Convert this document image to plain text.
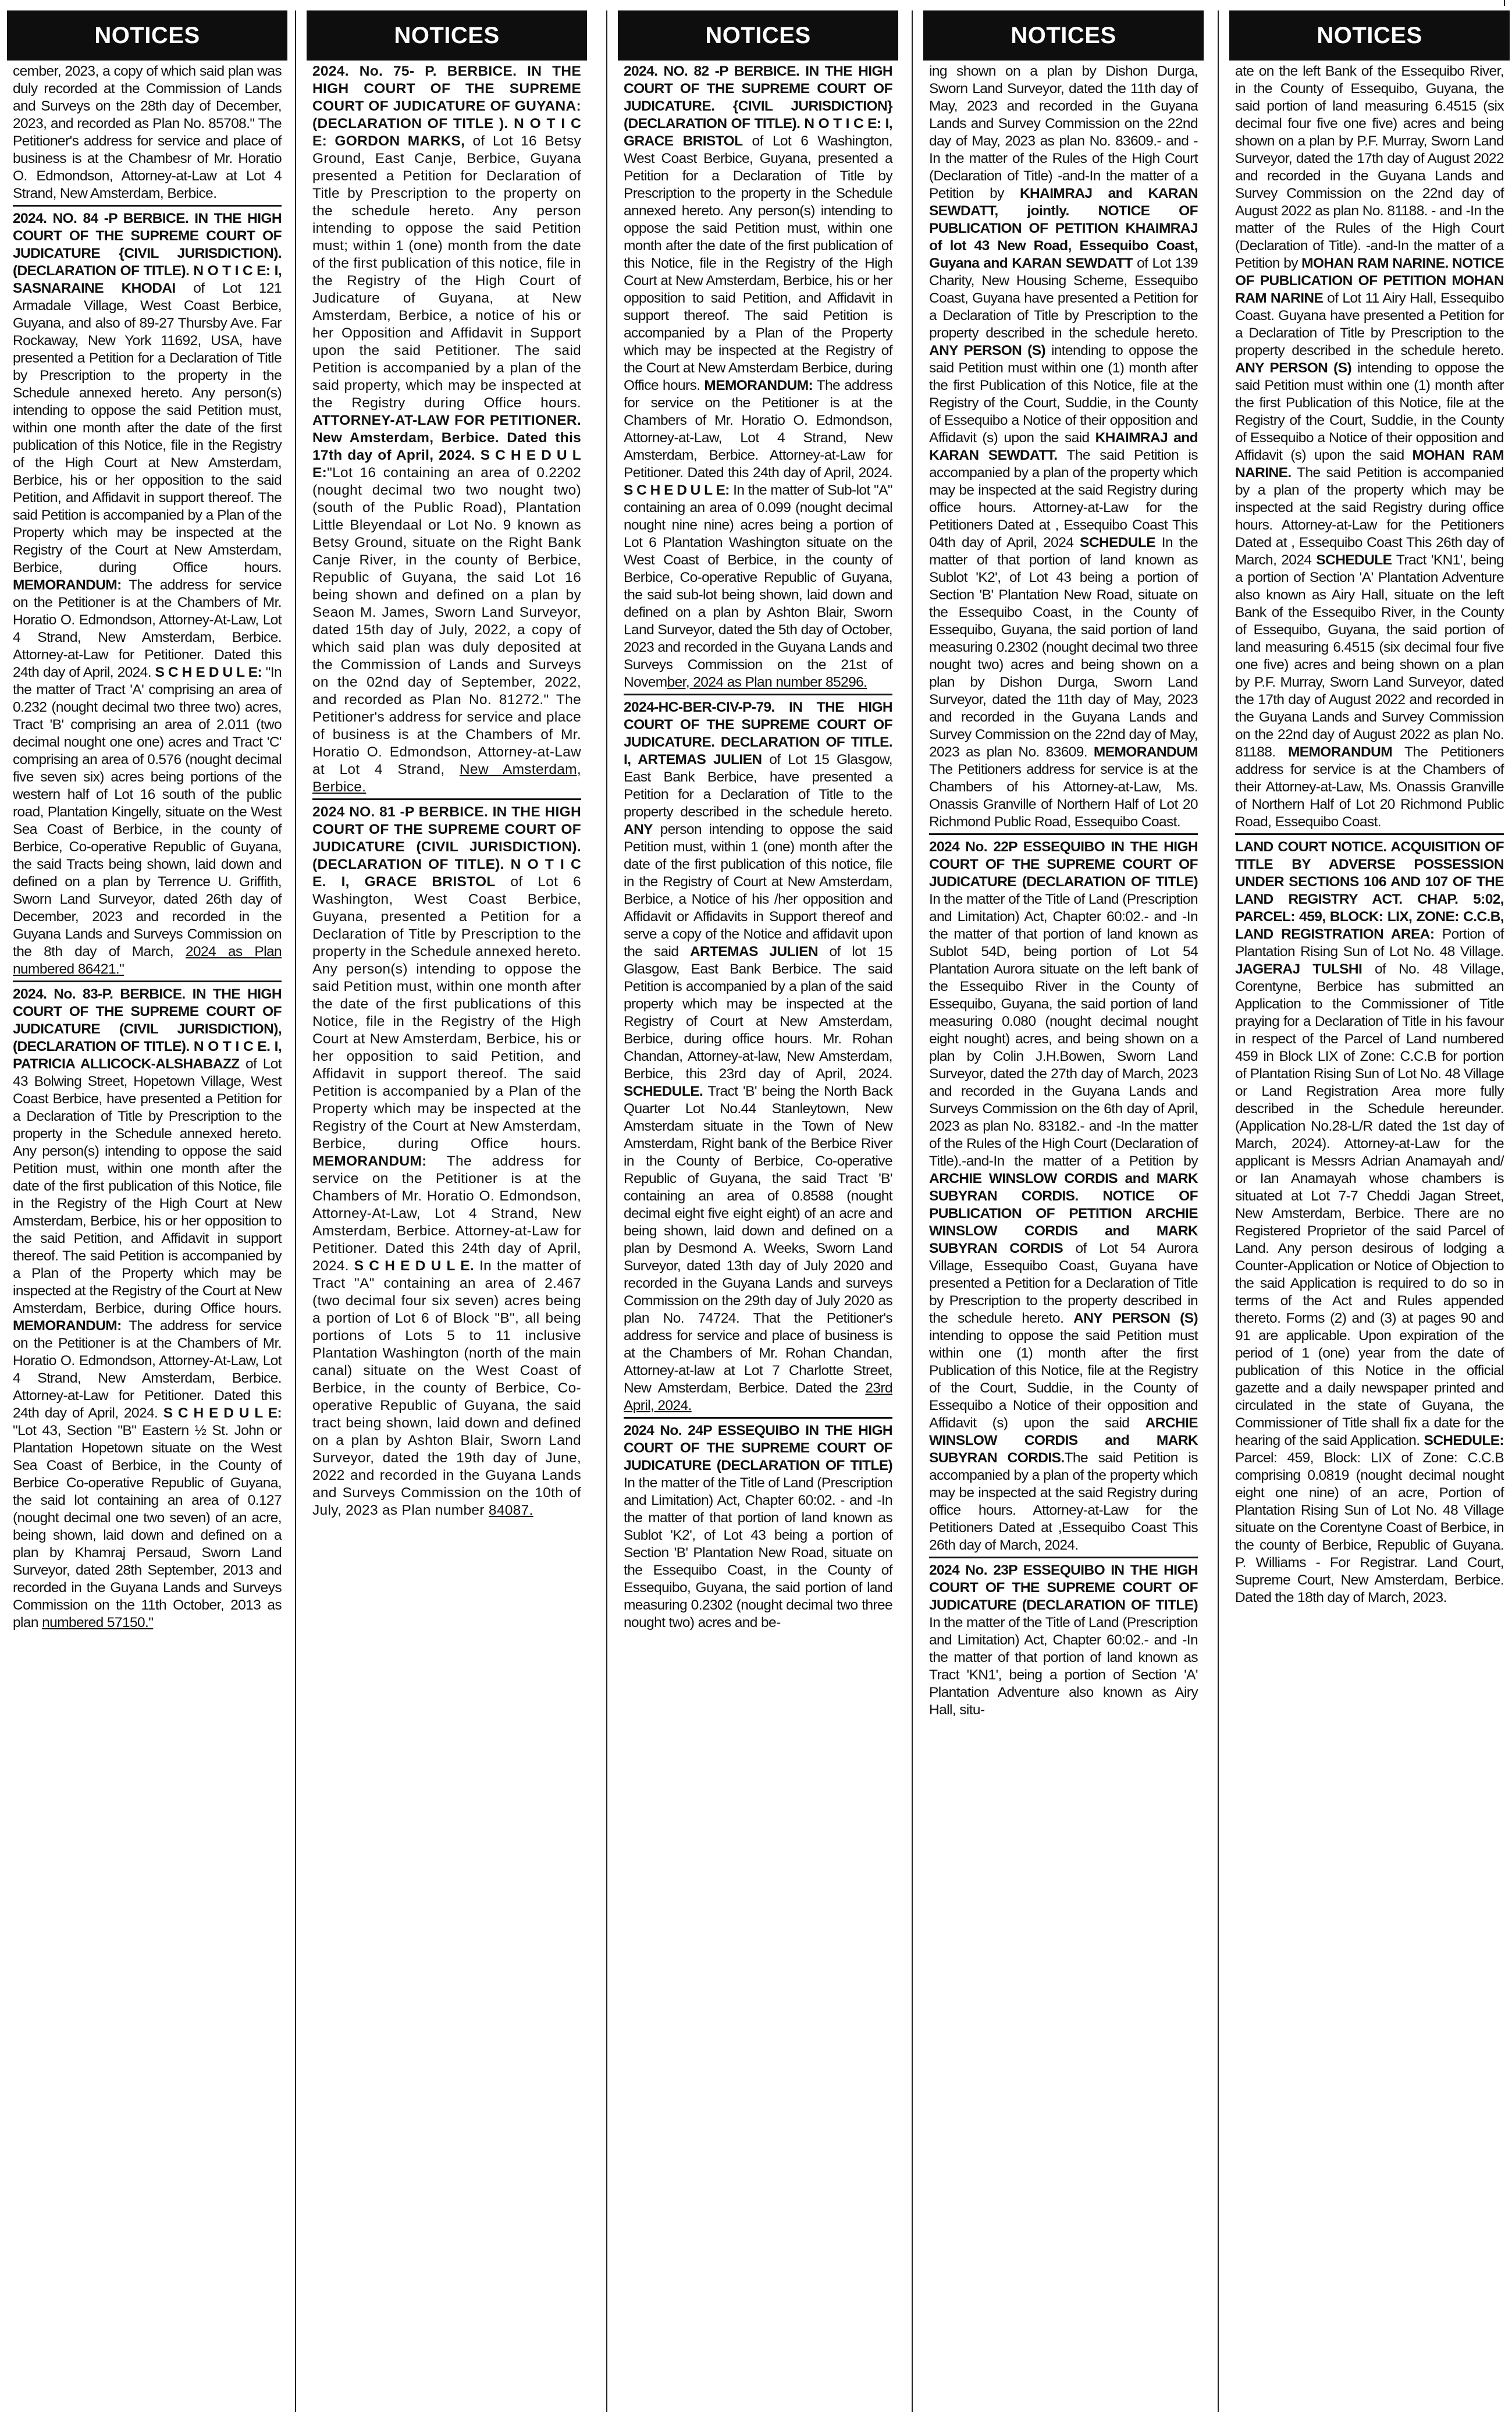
NOTICES

cember, 2023, a copy of which said plan was duly recorded at the Commission of Lands and Surveys on the 28th day of December, 2023, and recorded as Plan No. 85708." The Petitioner's address for service and place of business is at the Chambesr of Mr. Horatio O. Edmondson, Attorney-at-Law at Lot 4 Strand, New Amsterdam, Berbice.

2024. NO. 84 -P BERBICE. IN THE HIGH COURT OF THE SUPREME COURT OF JUDICATURE {CIVIL JURISDICTION). (DECLARATION OF TITLE). N O T I C E: I, SASNARAINE KHODAI of Lot 121 Armadale Village, West Coast Berbice, Guyana, and also of 89-27 Thursby Ave. Far Rockaway, New York 11692, USA, have presented a Petition for a Declaration of Title by Prescription to the property in the Schedule annexed hereto. Any person(s) intending to oppose the said Petition must, within one month after the date of the first publication of this Notice, file in the Registry of the High Court at New Amsterdam, Berbice, his or her opposition to the said Petition, and Affidavit in support thereof. The said Petition is accompanied by a Plan of the Property which may be inspected at the Registry of the Court at New Amsterdam, Berbice, during Office hours. MEMORANDUM: The address for service on the Petitioner is at the Chambers of Mr. Horatio O. Edmondson, Attorney-At-Law, Lot 4 Strand, New Amsterdam, Berbice. Attorney-at-Law for Petitioner. Dated this 24th day of April, 2024. S C H E D U L E: "In the matter of Tract 'A' comprising an area of 0.232 (nought decimal two three two) acres, Tract 'B' comprising an area of 2.011 (two decimal nought one one) acres and Tract 'C' comprising an area of 0.576 (nought decimal five seven six) acres being portions of the western half of Lot 16 south of the public road, Plantation Kingelly, situate on the West Sea Coast of Berbice, in the county of Berbice, Co-operative Republic of Guyana, the said Tracts being shown, laid down and defined on a plan by Terrence U. Griffith, Sworn Land Surveyor, dated 26th day of December, 2023 and recorded in the Guyana Lands and Surveys Commission on the 8th day of March, 2024 as Plan numbered 86421."

2024. No. 83-P. BERBICE. IN THE HIGH COURT OF THE SUPREME COURT OF JUDICATURE (CIVIL JURISDICTION), (DECLARATION OF TITLE). N O T I C E. I, PATRICIA ALLICOCK-ALSHABAZZ of Lot 43 Bolwing Street, Hopetown Village, West Coast Berbice, have presented a Petition for a Declaration of Title by Prescription to the property in the Schedule annexed hereto. Any person(s) intending to oppose the said Petition must, within one month after the date of the first publication of this Notice, file in the Registry of the High Court at New Amsterdam, Berbice, his or her opposition to the said Petition, and Affidavit in support thereof. The said Petition is accompanied by a Plan of the Property which may be inspected at the Registry of the Court at New Amsterdam, Berbice, during Office hours. MEMORANDUM: The address for service on the Petitioner is at the Chambers of Mr. Horatio O. Edmondson, Attorney-At-Law, Lot 4 Strand, New Amsterdam, Berbice. Attorney-at-Law for Petitioner. Dated this 24th day of April, 2024. S C H E D U L E: "Lot 43, Section "B" Eastern ½ St. John or Plantation Hopetown situate on the West Sea Coast of Berbice, in the County of Berbice Co-operative Republic of Guyana, the said lot containing an area of 0.127 (nought decimal one two seven) of an acre, being shown, laid down and defined on a plan by Khamraj Persaud, Sworn Land Surveyor, dated 28th September, 2013 and recorded in the Guyana Lands and Surveys Commission on the 11th October, 2013 as plan numbered 57150."

NOTICES

2024. No. 75- P. BERBICE. IN THE HIGH COURT OF THE SUPREME COURT OF JUDICATURE OF GUYANA: (DECLARATION OF TITLE ). N O T I C E: GORDON MARKS, of Lot 16 Betsy Ground, East Canje, Berbice, Guyana presented a Petition for Declaration of Title by Prescription to the property on the schedule hereto. Any person intending to oppose the said Petition must; within 1 (one) month from the date of the first publication of this notice, file in the Registry of the High Court of Judicature of Guyana, at New Amsterdam, Berbice, a notice of his or her Opposition and Affidavit in Support upon the said Petitioner. The said Petition is accompanied by a plan of the said property, which may be inspected at the Registry during Office hours. ATTORNEY-AT-LAW FOR PETITIONER. New Amsterdam, Berbice. Dated this 17th day of April, 2024. S C H E D U L E:"Lot 16 containing an area of 0.2202 (nought decimal two two nought two) (south of the Public Road), Plantation Little Bleyendaal or Lot No. 9 known as Betsy Ground, situate on the Right Bank Canje River, in the county of Berbice, Republic of Guyana, the said Lot 16 being shown and defined on a plan by Seaon M. James, Sworn Land Surveyor, dated 15th day of July, 2022, a copy of which said plan was duly deposited at the Commission of Lands and Surveys on the 02nd day of September, 2022, and recorded as Plan No. 81272." The Petitioner's address for service and place of business is at the Chambers of Mr. Horatio O. Edmondson, Attorney-at-Law at Lot 4 Strand, New Amsterdam, Berbice.

2024 NO. 81 -P BERBICE. IN THE HIGH COURT OF THE SUPREME COURT OF JUDICATURE (CIVIL JURISDICTION). (DECLARATION OF TITLE). N O T I C E. I, GRACE BRISTOL of Lot 6 Washington, West Coast Berbice, Guyana, presented a Petition for a Declaration of Title by Prescription to the property in the Schedule annexed hereto. Any person(s) intending to oppose the said Petition must, within one month after the date of the first publications of this Notice, file in the Registry of the High Court at New Amsterdam, Berbice, his or her opposition to said Petition, and Affidavit in support thereof. The said Petition is accompanied by a Plan of the Property which may be inspected at the Registry of the Court at New Amsterdam, Berbice, during Office hours. MEMORANDUM: The address for service on the Petitioner is at the Chambers of Mr. Horatio O. Edmondson, Attorney-At-Law, Lot 4 Strand, New Amsterdam, Berbice. Attorney-at-Law for Petitioner. Dated this 24th day of April, 2024. S C H E D U L E. In the matter of Tract "A" containing an area of 2.467 (two decimal four six seven) acres being a portion of Lot 6 of Block "B", all being portions of Lots 5 to 11 inclusive Plantation Washington (north of the main canal) situate on the West Coast of Berbice, in the county of Berbice, Co-operative Republic of Guyana, the said tract being shown, laid down and defined on a plan by Ashton Blair, Sworn Land Surveyor, dated the 19th day of June, 2022 and recorded in the Guyana Lands and Surveys Commission on the 10th of July, 2023 as Plan number 84087.

NOTICES

2024. NO. 82 -P BERBICE. IN THE HIGH COURT OF THE SUPREME COURT OF JUDICATURE. {CIVIL JURISDICTION} (DECLARATION OF TITLE). N O T I C E: I, GRACE BRISTOL of Lot 6 Washington, West Coast Berbice, Guyana, presented a Petition for a Declaration of Title by Prescription to the property in the Schedule annexed hereto. Any person(s) intending to oppose the said Petition must, within one month after the date of the first publication of this Notice, file in the Registry of the High Court at New Amsterdam, Berbice, his or her opposition to said Petition, and Affidavit in support thereof. The said Petition is accompanied by a Plan of the Property which may be inspected at the Registry of the Court at New Amsterdam Berbice, during Office hours. MEMORANDUM: The address for service on the Petitioner is at the Chambers of Mr. Horatio O. Edmondson, Attorney-at-Law, Lot 4 Strand, New Amsterdam, Berbice. Attorney-at-Law for Petitioner. Dated this 24th day of April, 2024. S C H E D U L E: In the matter of Sub-lot "A" containing an area of 0.099 (nought decimal nought nine nine) acres being a portion of Lot 6 Plantation Washington situate on the West Coast of Berbice, in the county of Berbice, Co-operative Republic of Guyana, the said sub-lot being shown, laid down and defined on a plan by Ashton Blair, Sworn Land Surveyor, dated the 5th day of October, 2023 and recorded in the Guyana Lands and Surveys Commission on the 21st of November, 2024 as Plan number 85296.

2024-HC-BER-CIV-P-79. IN THE HIGH COURT OF THE SUPREME COURT OF JUDICATURE. DECLARATION OF TITLE. I, ARTEMAS JULIEN of Lot 15 Glasgow, East Bank Berbice, have presented a Petition for a Declaration of Title to the property described in the schedule hereto. ANY person intending to oppose the said Petition must, within 1 (one) month after the date of the first publication of this notice, file in the Registry of Court at New Amsterdam, Berbice, a Notice of his /her opposition and Affidavit or Affidavits in Support thereof and serve a copy of the Notice and affidavit upon the said ARTEMAS JULIEN of lot 15 Glasgow, East Bank Berbice. The said Petition is accompanied by a plan of the said property which may be inspected at the Registry of Court at New Amsterdam, Berbice, during office hours. Mr. Rohan Chandan, Attorney-at-law, New Amsterdam, Berbice, this 23rd day of April, 2024. SCHEDULE. Tract 'B' being the North Back Quarter Lot No.44 Stanleytown, New Amsterdam situate in the Town of New Amsterdam, Right bank of the Berbice River in the County of Berbice, Co-operative Republic of Guyana, the said Tract 'B' containing an area of 0.8588 (nought decimal eight five eight eight) of an acre and being shown, laid down and defined on a plan by Desmond A. Weeks, Sworn Land Surveyor, dated 13th day of July 2020 and recorded in the Guyana Lands and surveys Commission on the 29th day of July 2020 as plan No. 74724. That the Petitioner's address for service and place of business is at the Chambers of Mr. Rohan Chandan, Attorney-at-law at Lot 7 Charlotte Street, New Amsterdam, Berbice. Dated the 23rd April, 2024.

2024 No. 24P ESSEQUIBO IN THE HIGH COURT OF THE SUPREME COURT OF JUDICATURE (DECLARATION OF TITLE) In the matter of the Title of Land (Prescription and Limitation) Act, Chapter 60:02. - and -In the matter of that portion of land known as Sublot 'K2', of Lot 43 being a portion of Section 'B' Plantation New Road, situate on the Essequibo Coast, in the County of Essequibo, Guyana, the said portion of land measuring 0.2302 (nought decimal two three nought two) acres and be-

NOTICES

ing shown on a plan by Dishon Durga, Sworn Land Surveyor, dated the 11th day of May, 2023 and recorded in the Guyana Lands and Survey Commission on the 22nd day of May, 2023 as plan No. 83609.- and -In the matter of the Rules of the High Court (Declaration of Title) -and-In the matter of a Petition by KHAIMRAJ and KARAN SEWDATT, jointly. NOTICE OF PUBLICATION OF PETITION KHAIMRAJ of lot 43 New Road, Essequibo Coast, Guyana and KARAN SEWDATT of Lot 139 Charity, New Housing Scheme, Essequibo Coast, Guyana have presented a Petition for a Declaration of Title by Prescription to the property described in the schedule hereto. ANY PERSON (S) intending to oppose the said Petition must within one (1) month after the first Publication of this Notice, file at the Registry of the Court, Suddie, in the County of Essequibo a Notice of their opposition and Affidavit (s) upon the said KHAIMRAJ and KARAN SEWDATT. The said Petition is accompanied by a plan of the property which may be inspected at the said Registry during office hours. Attorney-at-Law for the Petitioners Dated at , Essequibo Coast This 04th day of April, 2024 SCHEDULE In the matter of that portion of land known as Sublot 'K2', of Lot 43 being a portion of Section 'B' Plantation New Road, situate on the Essequibo Coast, in the County of Essequibo, Guyana, the said portion of land measuring 0.2302 (nought decimal two three nought two) acres and being shown on a plan by Dishon Durga, Sworn Land Surveyor, dated the 11th day of May, 2023 and recorded in the Guyana Lands and Survey Commission on the 22nd day of May, 2023 as plan No. 83609. MEMORANDUM The Petitioners address for service is at the Chambers of his Attorney-at-Law, Ms. Onassis Granville of Northern Half of Lot 20 Richmond Public Road, Essequibo Coast.

2024 No. 22P ESSEQUIBO IN THE HIGH COURT OF THE SUPREME COURT OF JUDICATURE (DECLARATION OF TITLE) In the matter of the Title of Land (Prescription and Limitation) Act, Chapter 60:02.- and -In the matter of that portion of land known as Sublot 54D, being portion of Lot 54 Plantation Aurora situate on the left bank of the Essequibo River in the County of Essequibo, Guyana, the said portion of land measuring 0.080 (nought decimal nought eight nought) acres, and being shown on a plan by Colin J.H.Bowen, Sworn Land Surveyor, dated the 27th day of March, 2023 and recorded in the Guyana Lands and Surveys Commission on the 6th day of April, 2023 as plan No. 83182.- and -In the matter of the Rules of the High Court (Declaration of Title).-and-In the matter of a Petition by ARCHIE WINSLOW CORDIS and MARK SUBYRAN CORDIS. NOTICE OF PUBLICATION OF PETITION ARCHIE WINSLOW CORDIS and MARK SUBYRAN CORDIS of Lot 54 Aurora Village, Essequibo Coast, Guyana have presented a Petition for a Declaration of Title by Prescription to the property described in the schedule hereto. ANY PERSON (S) intending to oppose the said Petition must within one (1) month after the first Publication of this Notice, file at the Registry of the Court, Suddie, in the County of Essequibo a Notice of their opposition and Affidavit (s) upon the said ARCHIE WINSLOW CORDIS and MARK SUBYRAN CORDIS.The said Petition is accompanied by a plan of the property which may be inspected at the said Registry during office hours. Attorney-at-Law for the Petitioners Dated at ,Essequibo Coast This 26th day of March, 2024.

2024 No. 23P ESSEQUIBO IN THE HIGH COURT OF THE SUPREME COURT OF JUDICATURE (DECLARATION OF TITLE) In the matter of the Title of Land (Prescription and Limitation) Act, Chapter 60:02.- and -In the matter of that portion of land known as Tract 'KN1', being a portion of Section 'A' Plantation Adventure also known as Airy Hall, situ-

NOTICES

ate on the left Bank of the Essequibo River, in the County of Essequibo, Guyana, the said portion of land measuring 6.4515 (six decimal four five one five) acres and being shown on a plan by P.F. Murray, Sworn Land Surveyor, dated the 17th day of August 2022 and recorded in the Guyana Lands and Survey Commission on the 22nd day of August 2022 as plan No. 81188. - and -In the matter of the Rules of the High Court (Declaration of Title). -and-In the matter of a Petition by MOHAN RAM NARINE. NOTICE OF PUBLICATION OF PETITION MOHAN RAM NARINE of Lot 11 Airy Hall, Essequibo Coast. Guyana have presented a Petition for a Declaration of Title by Prescription to the property described in the schedule hereto. ANY PERSON (S) intending to oppose the said Petition must within one (1) month after the first Publication of this Notice, file at the Registry of the Court, Suddie, in the County of Essequibo a Notice of their opposition and Affidavit (s) upon the said MOHAN RAM NARINE. The said Petition is accompanied by a plan of the property which may be inspected at the said Registry during office hours. Attorney-at-Law for the Petitioners Dated at , Essequibo Coast This 26th day of March, 2024 SCHEDULE Tract 'KN1', being a portion of Section 'A' Plantation Adventure also known as Airy Hall, situate on the left Bank of the Essequibo River, in the County of Essequibo, Guyana, the said portion of land measuring 6.4515 (six decimal four five one five) acres and being shown on a plan by P.F. Murray, Sworn Land Surveyor, dated the 17th day of August 2022 and recorded in the Guyana Lands and Survey Commission on the 22nd day of August 2022 as plan No. 81188. MEMORANDUM The Petitioners address for service is at the Chambers of their Attorney-at-Law, Ms. Onassis Granville of Northern Half of Lot 20 Richmond Public Road, Essequibo Coast.

LAND COURT NOTICE. ACQUISITION OF TITLE BY ADVERSE POSSESSION UNDER SECTIONS 106 AND 107 OF THE LAND REGISTRY ACT. CHAP. 5:02, PARCEL: 459, BLOCK: LIX, ZONE: C.C.B, LAND REGISTRATION AREA: Portion of Plantation Rising Sun of Lot No. 48 Village. JAGERAJ TULSHI of No. 48 Village, Corentyne, Berbice has submitted an Application to the Commissioner of Title praying for a Declaration of Title in his favour in respect of the Parcel of Land numbered 459 in Block LIX of Zone: C.C.B for portion of Plantation Rising Sun of Lot No. 48 Village or Land Registration Area more fully described in the Schedule hereunder. (Application No.28-L/R dated the 1st day of March, 2024). Attorney-at-Law for the applicant is Messrs Adrian Anamayah and/ or Ian Anamayah whose chambers is situated at Lot 7-7 Cheddi Jagan Street, New Amsterdam, Berbice. There are no Registered Proprietor of the said Parcel of Land. Any person desirous of lodging a Counter-Application or Notice of Objection to the said Application is required to do so in terms of the Act and Rules appended thereto. Forms (2) and (3) at pages 90 and 91 are applicable. Upon expiration of the period of 1 (one) year from the date of publication of this Notice in the official gazette and a daily newspaper printed and circulated in the state of Guyana, the Commissioner of Title shall fix a date for the hearing of the said Application. SCHEDULE: Parcel: 459, Block: LIX of Zone: C.C.B comprising 0.0819 (nought decimal nought eight one nine) of an acre, Portion of Plantation Rising Sun of Lot No. 48 Village situate on the Corentyne Coast of Berbice, in the county of Berbice, Republic of Guyana. P. Williams - For Registrar. Land Court, Supreme Court, New Amsterdam, Berbice. Dated the 18th day of March, 2023.
